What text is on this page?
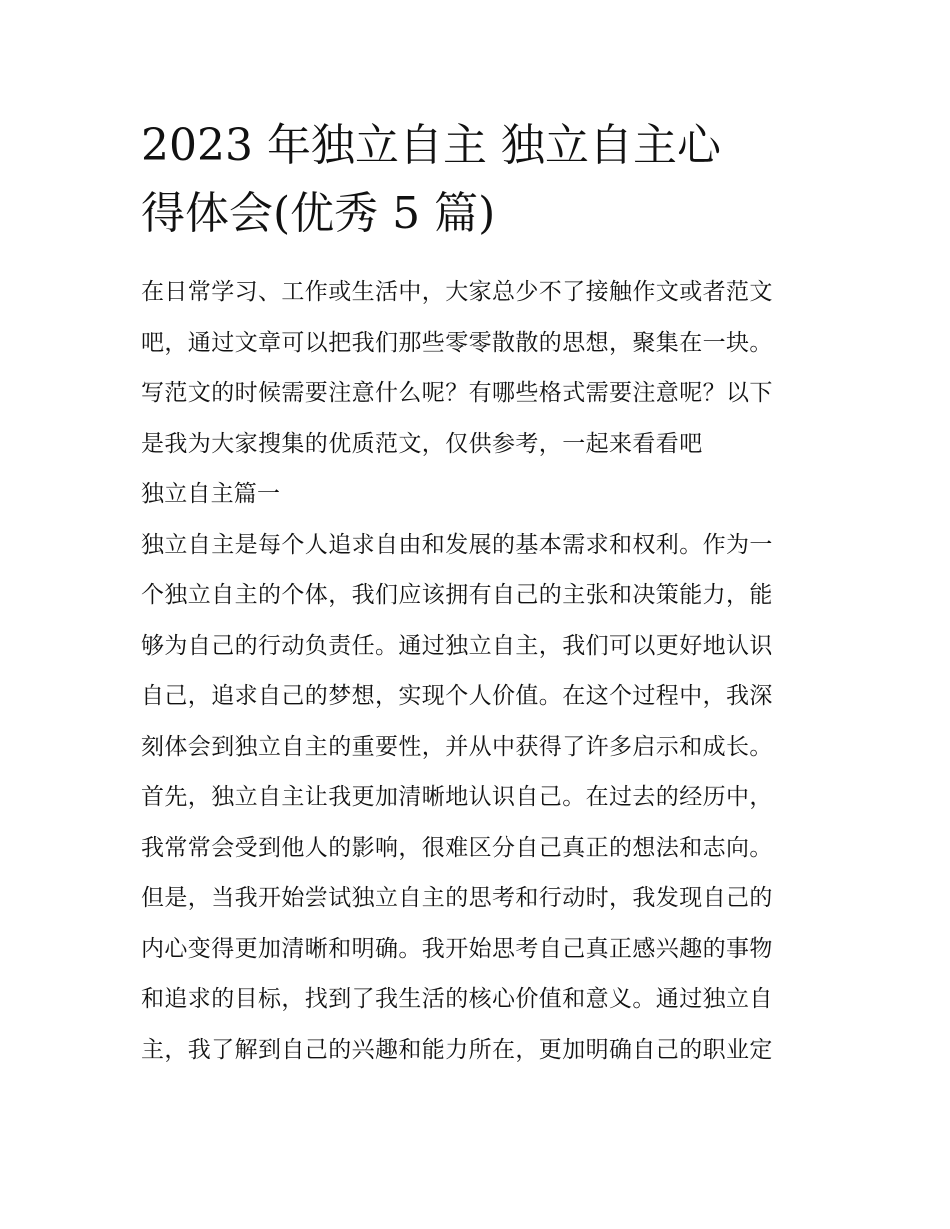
2023 年独立自主 独立自主心
得体会(优秀 5 篇)
在日常学习、工作或生活中，大家总少不了接触作文或者范文
吧，通过文章可以把我们那些零零散散的思想，聚集在一块。
写范文的时候需要注意什么呢？有哪些格式需要注意呢？以下
是我为大家搜集的优质范文，仅供参考，一起来看看吧
独立自主篇一
独立自主是每个人追求自由和发展的基本需求和权利。作为一
个独立自主的个体，我们应该拥有自己的主张和决策能力，能
够为自己的行动负责任。通过独立自主，我们可以更好地认识
自己，追求自己的梦想，实现个人价值。在这个过程中，我深
刻体会到独立自主的重要性，并从中获得了许多启示和成长。
首先，独立自主让我更加清晰地认识自己。在过去的经历中，
我常常会受到他人的影响，很难区分自己真正的想法和志向。
但是，当我开始尝试独立自主的思考和行动时，我发现自己的
内心变得更加清晰和明确。我开始思考自己真正感兴趣的事物
和追求的目标，找到了我生活的核心价值和意义。通过独立自
主，我了解到自己的兴趣和能力所在，更加明确自己的职业定
